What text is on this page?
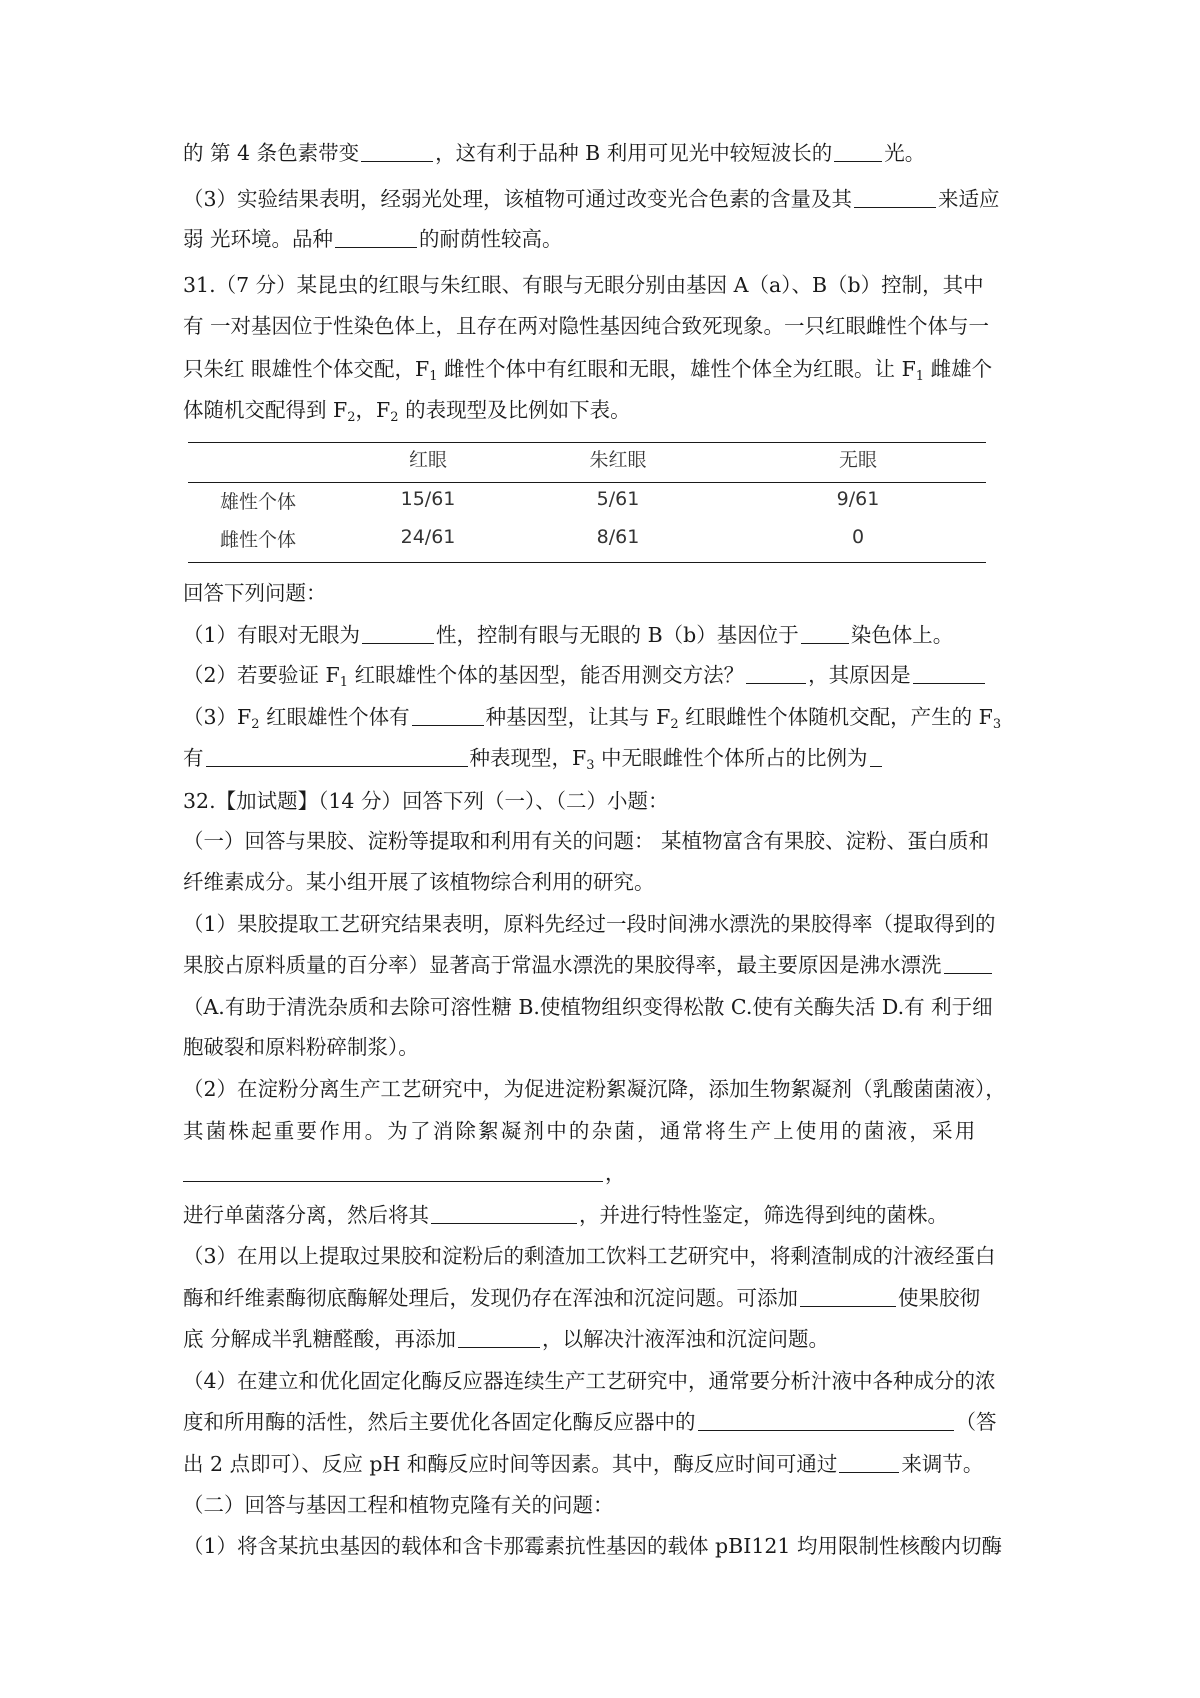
的 第 4 条色素带变	，这有利于品种 B 利用可见光中较短波长的	光。
（3）实验结果表明，经弱光处理，该植物可通过改变光合色素的含量及其	来适应
弱 光环境。品种	的耐荫性较高。
31.（7 分）某昆虫的红眼与朱红眼、有眼与无眼分别由基因 A（a）、B（b）控制，其中
有 一对基因位于性染色体上，且存在两对隐性基因纯合致死现象。一只红眼雌性个体与一
只朱红 眼雄性个体交配，$F_1$ 雌性个体中有红眼和无眼，雄性个体全为红眼。让 $F_1$ 雌雄个
体随机交配得到 $F_2$，$F_2$ 的表现型及比例如下表。
红眼	朱红眼	无眼
雄性个体	15/61	5/61	9/61
雌性个体	24/61	8/61	0
回答下列问题：
（1）有眼对无眼为	性，控制有眼与无眼的 B（b）基因位于	染色体上。
（2）若要验证 $F_1$ 红眼雄性个体的基因型，能否用测交方法？	，其原因是
$(3)F_2$ 红眼雄性个体有	种基因型，让其与 $F_2$ 红眼雌性个体随机交配，产生的 $F_3$
有	种表现型，$F_3$ 中无眼雌性个体所占的比例为
32.【加试题】（14 分）回答下列（一）、（二）小题：
（一）回答与果胶、淀粉等提取和利用有关的问题： 某植物富含有果胶、淀粉、蛋白质和
纤维素成分。某小组开展了该植物综合利用的研究。
（1）果胶提取工艺研究结果表明，原料先经过一段时间沸水漂洗的果胶得率（提取得到的
果胶占原料质量的百分率）显著高于常温水漂洗的果胶得率，最主要原因是沸水漂洗
（A.有助于清洗杂质和去除可溶性糖 B.使植物组织变得松散 C.使有关酶失活 D.有 利于细
胞破裂和原料粉碎制浆）。
（2）在淀粉分离生产工艺研究中，为促进淀粉絮凝沉降，添加生物絮凝剂（乳酸菌菌液），
其菌株起重要作用。为了消除絮凝剂中的杂菌，通常将生产上使用的菌液，采用
，
进行单菌落分离，然后将其	，并进行特性鉴定，筛选得到纯的菌株。
（3）在用以上提取过果胶和淀粉后的剩渣加工饮料工艺研究中，将剩渣制成的汁液经蛋白
酶和纤维素酶彻底酶解处理后，发现仍存在浑浊和沉淀问题。可添加	使果胶彻
底 分解成半乳糖醛酸，再添加	，以解决汁液浑浊和沉淀问题。
（4）在建立和优化固定化酶反应器连续生产工艺研究中，通常要分析汁液中各种成分的浓
度和所用酶的活性，然后主要优化各固定化酶反应器中的	（答
出 2 点即可）、反应 pH 和酶反应时间等因素。其中，酶反应时间可通过	来调节。
（二）回答与基因工程和植物克隆有关的问题：
（1）将含某抗虫基因的载体和含卡那霉素抗性基因的载体 pBI121 均用限制性核酸内切酶
